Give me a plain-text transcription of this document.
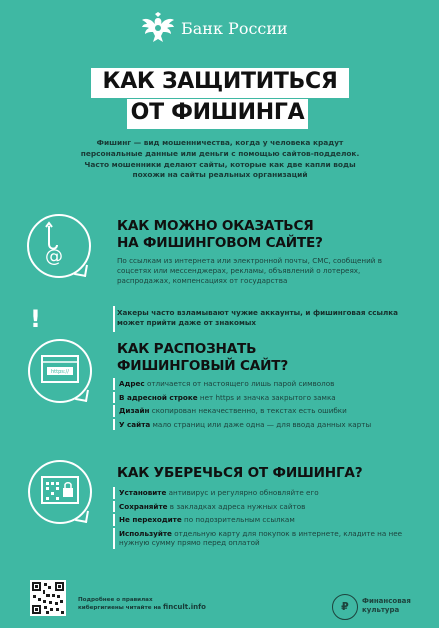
Банк России
КАК ЗАЩИТИТЬСЯ
ОТ ФИШИНГА
Фишинг — вид мошенничества, когда у человека крадут
персональные данные или деньги с помощью сайтов-подделок.
Часто мошенники делают сайты, которые как две капли воды
похожи на сайты реальных организаций
@
КАК МОЖНО ОКАЗАТЬСЯ
НА ФИШИНГОВОМ САЙТЕ?
По ссылкам из интернета или электронной почты, СМС, сообщений в соцсетях или мессенджерах, рекламы, объявлений о лотереях, распродажах, компенсациях от государства
!	Хакеры часто взламывают чужие аккаунты, и фишинговая ссылка может прийти даже от знакомых
https://
КАК РАСПОЗНАТЬ
ФИШИНГОВЫЙ САЙТ?
Адрес отличается от настоящего лишь парой символов
В адресной строке нет https и значка закрытого замка
Дизайн скопирован некачественно, в текстах есть ошибки
У сайта мало страниц или даже одна — для ввода данных карты
КАК УБЕРЕЧЬСЯ ОТ ФИШИНГА?
Установите антивирус и регулярно обновляйте его
Сохраняйте в закладках адреса нужных сайтов
Не переходите по подозрительным ссылкам
Используйте отдельную карту для покупок в интернете, кладите на нее нужную сумму прямо перед оплатой
Подробнее о правилах
кибергигиены читайте на fincult.info	₽	Финансовая
культура
